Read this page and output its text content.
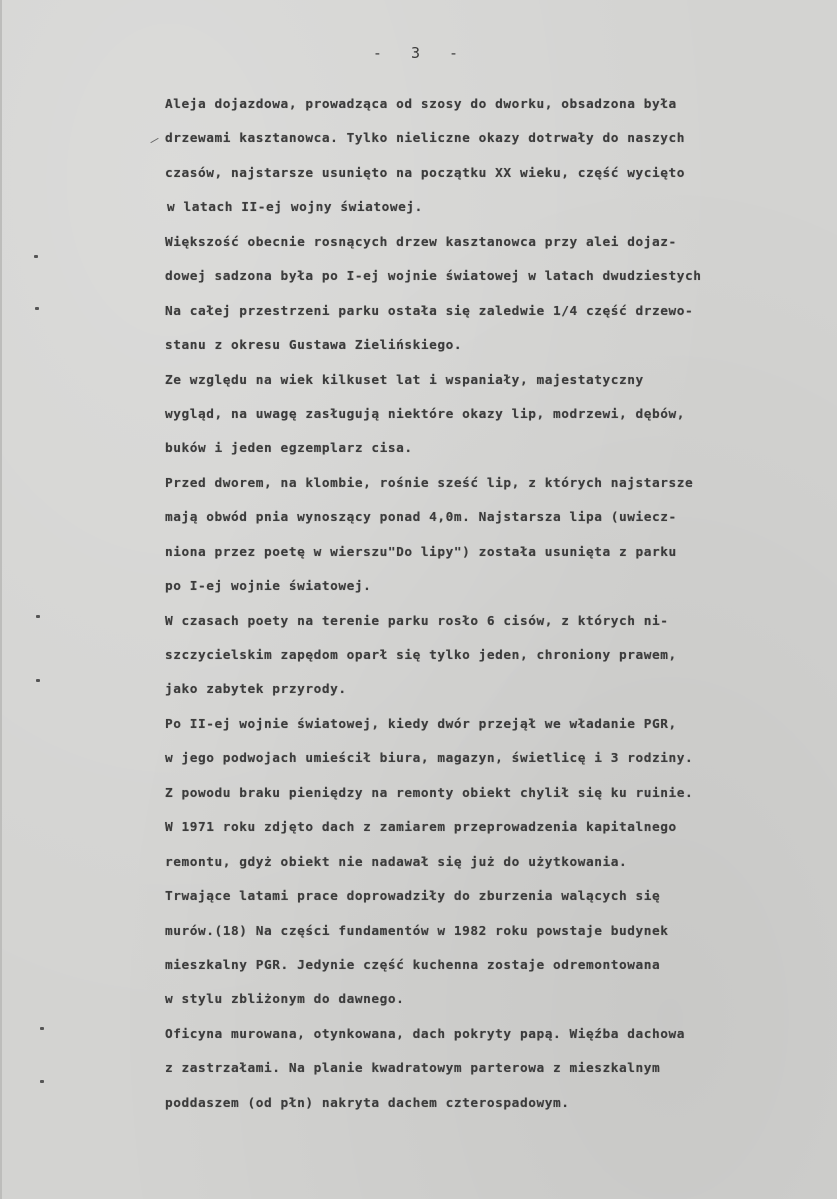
- 3 -
Aleja dojazdowa, prowadząca od szosy do dworku, obsadzona była
drzewami kasztanowca. Tylko nieliczne okazy dotrwały do naszych
czasów, najstarsze usunięto na początku XX wieku, część wycięto
w latach II-ej wojny światowej.
Większość obecnie rosnących drzew kasztanowca przy alei dojaz-
dowej sadzona była po I-ej wojnie światowej w latach dwudziestych
Na całej przestrzeni parku ostała się zaledwie 1/4 część drzewo-
stanu z okresu Gustawa Zielińskiego.
Ze względu na wiek kilkuset lat i wspaniały, majestatyczny
wygląd, na uwagę zasługują niektóre okazy lip, modrzewi, dębów,
buków i jeden egzemplarz cisa.
Przed dworem, na klombie, rośnie sześć lip, z których najstarsze
mają obwód pnia wynoszący ponad 4,0m. Najstarsza lipa (uwiecz-
niona przez poetę w wierszu"Do lipy") została usunięta z parku
po I-ej wojnie światowej.
W czasach poety na terenie parku rosło 6 cisów, z których ni-
szczycielskim zapędom oparł się tylko jeden, chroniony prawem,
jako zabytek przyrody.
Po II-ej wojnie światowej, kiedy dwór przejął we władanie PGR,
w jego podwojach umieścił biura, magazyn, świetlicę i 3 rodziny.
Z powodu braku pieniędzy na remonty obiekt chylił się ku ruinie.
W 1971 roku zdjęto dach z zamiarem przeprowadzenia kapitalnego
remontu, gdyż obiekt nie nadawał się już do użytkowania.
Trwające latami prace doprowadziły do zburzenia walących się
murów.(18) Na części fundamentów w 1982 roku powstaje budynek
mieszkalny PGR. Jedynie część kuchenna zostaje odremontowana
w stylu zbliżonym do dawnego.
Oficyna murowana, otynkowana, dach pokryty papą. Więźba dachowa
z zastrzałami. Na planie kwadratowym parterowa z mieszkalnym
poddaszem (od płn) nakryta dachem czterospadowym.
